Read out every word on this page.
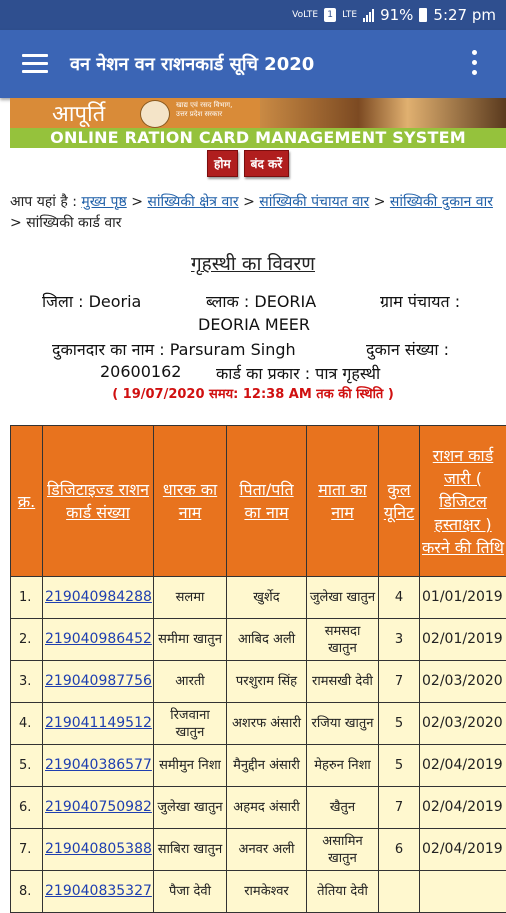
VoLTE	1	LTE 91% 5:27 pm
वन नेशन वन राशनकार्ड सूचि 2020
आपूर्ति	खाद्य एवं रसद विभाग,
उत्तर प्रदेश सरकार
ONLINE RATION CARD MANAGEMENT SYSTEM
होम	बंद करें
आप यहां है : मुख्य पृष्ठ > सांख्यिकी क्षेत्र वार > सांख्यिकी पंचायत वार > सांख्यिकी दुकान वार > सांख्यिकी कार्ड वार
गृहस्थी का विवरण
जिला : Deoria	ब्लाक : DEORIA	ग्राम पंचायत :
DEORIA MEER
दुकानदार का नाम : Parsuram Singh	दुकान संख्या :
20600162 कार्ड का प्रकार : पात्र गृहस्थी
( 19/07/2020 समय: 12:38 AM तक की स्थिति )
क्र.	डिजिटाइज्ड राशन कार्ड संख्या	धारक का नाम	पिता/पति का नाम	माता का नाम	कुल यूनिट	राशन कार्ड जारी ( डिजिटल हस्ताक्षर ) करने की तिथि
1.	219040984288	सलमा	खुर्शेद	जुलेखा खातुन	4	01/01/2019
2.	219040986452	समीमा खातुन	आबिद अली	समसदा खातुन	3	02/01/2019
3.	219040987756	आरती	परशुराम सिंह	रामसखी देवी	7	02/03/2020
4.	219041149512	रिजवाना खातुन	अशरफ अंसारी	रजिया खातुन	5	02/03/2020
5.	219040386577	समीमुन निशा	मैनुद्दीन अंसारी	मेहरुन निशा	5	02/04/2019
6.	219040750982	जुलेखा खातुन	अहमद अंसारी	खैतुन	7	02/04/2019
7.	219040805388	साबिरा खातुन	अनवर अली	असामिन खातुन	6	02/04/2019
8.	219040835327	पैजा देवी	रामकेश्वर	तेतिया देवी		
